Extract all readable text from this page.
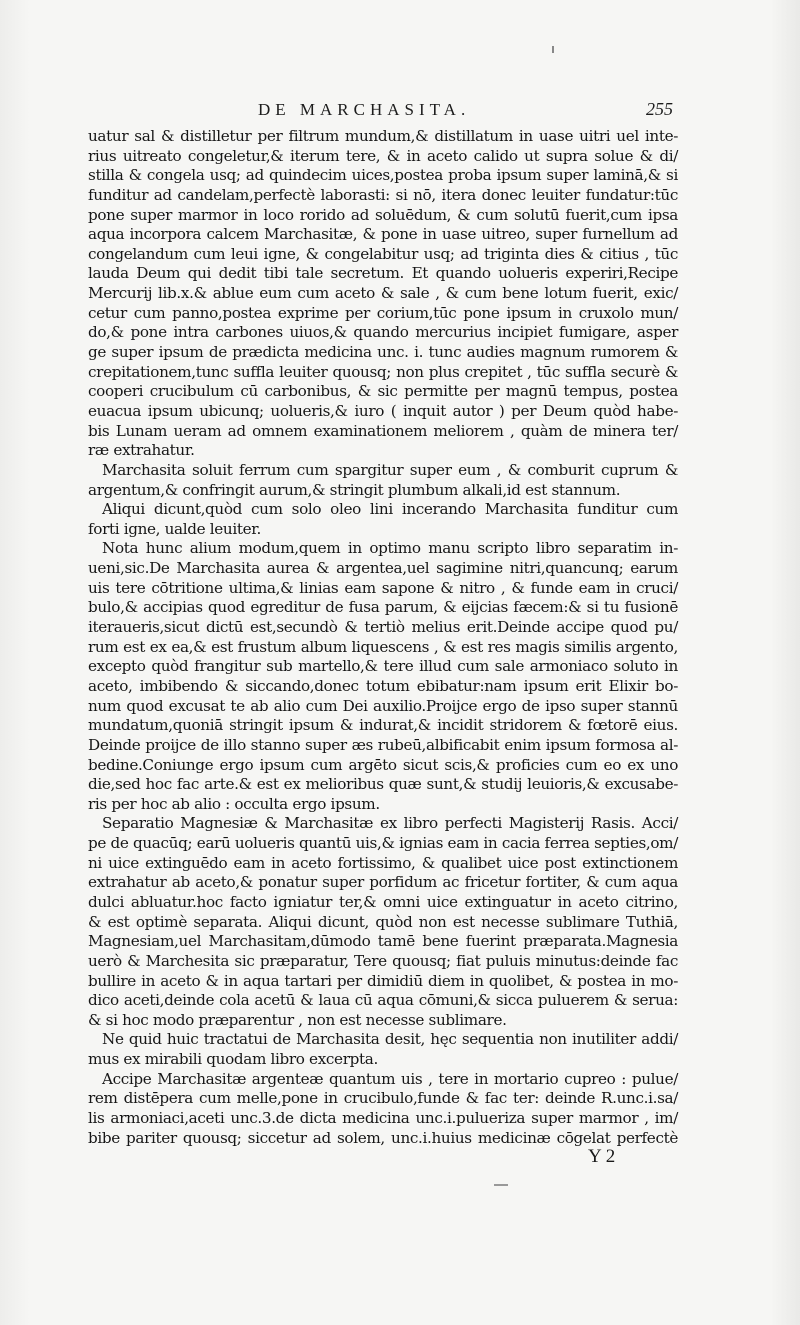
DE MARCHASITA.	255
uatur sal & distilletur per filtrum mundum,& distillatum in uase uitri uel inte-
rius uitreato congeletur,& iterum tere, & in aceto calido ut supra solue & di/
stilla & congela usq; ad quindecim uices,postea proba ipsum super laminā,& si
funditur ad candelam,perfectè laborasti: si nō, itera donec leuiter fundatur:tūc
pone super marmor in loco rorido ad soluēdum, & cum solutū fuerit,cum ipsa
aqua incorpora calcem Marchasitæ, & pone in uase uitreo, super furnellum ad
congelandum cum leui igne, & congelabitur usq; ad triginta dies & citius , tūc
lauda Deum qui dedit tibi tale secretum. Et quando uolueris experiri,Recipe
Mercurij lib.x.& ablue eum cum aceto & sale , & cum bene lotum fuerit, exic/
cetur cum panno,postea exprime per corium,tūc pone ipsum in cruxolo mun/
do,& pone intra carbones uiuos,& quando mercurius incipiet fumigare, asper
ge super ipsum de prædicta medicina unc. i. tunc audies magnum rumorem &
crepitationem,tunc suffla leuiter quousq; non plus crepitet , tūc suffla securè &
cooperi crucibulum cū carbonibus, & sic permitte per magnū tempus, postea
euacua ipsum ubicunq; uolueris,& iuro ( inquit autor ) per Deum quòd habe-
bis Lunam ueram ad omnem examinationem meliorem , quàm de minera ter/
ræ extrahatur.
Marchasita soluit ferrum cum spargitur super eum , & comburit cuprum &
argentum,& confringit aurum,& stringit plumbum alkali,id est stannum.
Aliqui dicunt,quòd cum solo oleo lini incerando Marchasita funditur cum
forti igne, ualde leuiter.
Nota hunc alium modum,quem in optimo manu scripto libro separatim in-
ueni,sic.De Marchasita aurea & argentea,uel sagimine nitri,quancunq; earum
uis tere cōtritione ultima,& linias eam sapone & nitro , & funde eam in cruci/
bulo,& accipias quod egreditur de fusa parum, & eijcias fæcem:& si tu fusionē
iteraueris,sicut dictū est,secundò & tertiò melius erit.Deinde accipe quod pu/
rum est ex ea,& est frustum album liquescens , & est res magis similis argento,
excepto quòd frangitur sub martello,& tere illud cum sale armoniaco soluto in
aceto, imbibendo & siccando,donec totum ebibatur:nam ipsum erit Elixir bo-
num quod excusat te ab alio cum Dei auxilio.Proijce ergo de ipso super stannū
mundatum,quoniā stringit ipsum & indurat,& incidit stridorem & fœtorē eius.
Deinde proijce de illo stanno super æs rubeū,albificabit enim ipsum formosa al-
bedine.Coniunge ergo ipsum cum argēto sicut scis,& proficies cum eo ex uno
die,sed hoc fac arte.& est ex melioribus quæ sunt,& studij leuioris,& excusabe-
ris per hoc ab alio : occulta ergo ipsum.
Separatio Magnesiæ & Marchasitæ ex libro perfecti Magisterij Rasis. Acci/
pe de quacūq; earū uolueris quantū uis,& ignias eam in cacia ferrea septies,om/
ni uice extinguēdo eam in aceto fortissimo, & qualibet uice post extinctionem
extrahatur ab aceto,& ponatur super porfidum ac fricetur fortiter, & cum aqua
dulci abluatur.hoc facto igniatur ter,& omni uice extinguatur in aceto citrino,
& est optimè separata. Aliqui dicunt, quòd non est necesse sublimare Tuthiā,
Magnesiam,uel Marchasitam,dūmodo tamē bene fuerint præparata.Magnesia
uerò & Marchesita sic præparatur, Tere quousq; fiat puluis minutus:deinde fac
bullire in aceto & in aqua tartari per dimidiū diem in quolibet, & postea in mo-
dico aceti,deinde cola acetū & laua cū aqua cōmuni,& sicca puluerem & serua:
& si hoc modo præparentur , non est necesse sublimare.
Ne quid huic tractatui de Marchasita desit, hęc sequentia non inutiliter addi/
mus ex mirabili quodam libro excerpta.
Accipe Marchasitæ argenteæ quantum uis , tere in mortario cupreo : pulue/
rem distēpera cum melle,pone in crucibulo,funde & fac ter: deinde R.unc.i.sa/
lis armoniaci,aceti unc.3.de dicta medicina unc.i.pulueriza super marmor , im/
bibe pariter quousq; siccetur ad solem, unc.i.huius medicinæ cōgelat perfectè
Y 2
